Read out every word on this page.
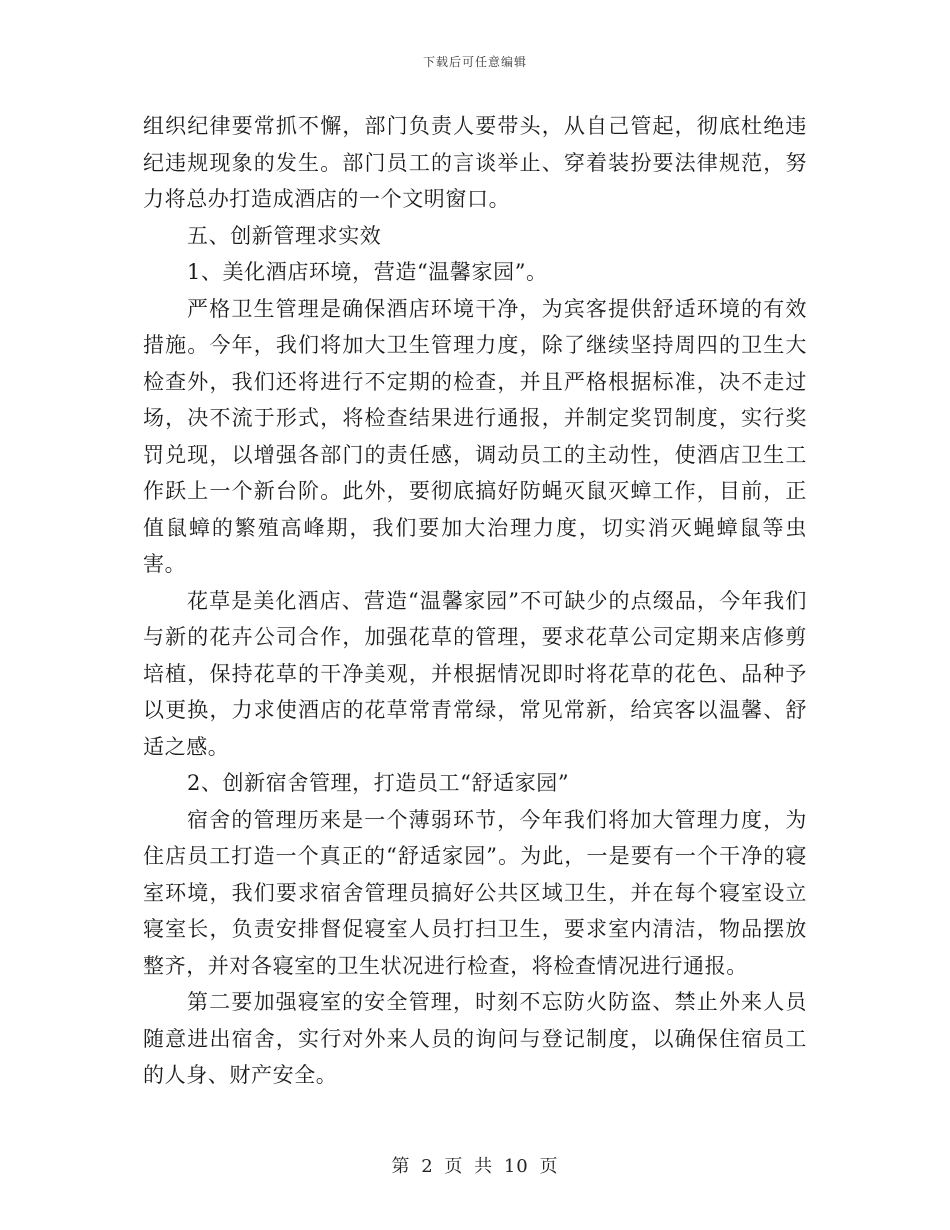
下载后可任意编辑

组织纪律要常抓不懈，部门负责人要带头，从自己管起，彻底杜绝违纪违规现象的发生。部门员工的言谈举止、穿着装扮要法律规范，努力将总办打造成酒店的一个文明窗口。

五、创新管理求实效

1、美化酒店环境，营造“温馨家园”。

严格卫生管理是确保酒店环境干净，为宾客提供舒适环境的有效措施。今年，我们将加大卫生管理力度，除了继续坚持周四的卫生大检查外，我们还将进行不定期的检查，并且严格根据标准，决不走过场，决不流于形式，将检查结果进行通报，并制定奖罚制度，实行奖罚兑现，以增强各部门的责任感，调动员工的主动性，使酒店卫生工作跃上一个新台阶。此外，要彻底搞好防蝇灭鼠灭蟑工作，目前，正值鼠蟑的繁殖高峰期，我们要加大治理力度，切实消灭蝇蟑鼠等虫害。

花草是美化酒店、营造“温馨家园”不可缺少的点缀品，今年我们与新的花卉公司合作，加强花草的管理，要求花草公司定期来店修剪培植，保持花草的干净美观，并根据情况即时将花草的花色、品种予以更换，力求使酒店的花草常青常绿，常见常新，给宾客以温馨、舒适之感。

2、创新宿舍管理，打造员工“舒适家园”

宿舍的管理历来是一个薄弱环节，今年我们将加大管理力度，为住店员工打造一个真正的“舒适家园”。为此，一是要有一个干净的寝室环境，我们要求宿舍管理员搞好公共区域卫生，并在每个寝室设立寝室长，负责安排督促寝室人员打扫卫生，要求室内清洁，物品摆放整齐，并对各寝室的卫生状况进行检查，将检查情况进行通报。

第二要加强寝室的安全管理，时刻不忘防火防盗、禁止外来人员随意进出宿舍，实行对外来人员的询问与登记制度，以确保住宿员工的人身、财产安全。

第 2 页 共 10 页
